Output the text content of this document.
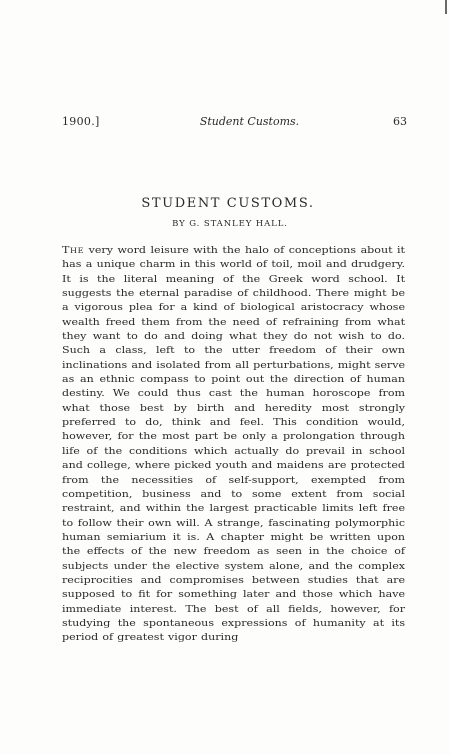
1900.]	Student Customs.	63
STUDENT CUSTOMS.
BY G. STANLEY HALL.

The very word leisure with the halo of conceptions about it has a unique charm in this world of toil, moil and drudgery. It is the literal meaning of the Greek word school. It suggests the eternal paradise of childhood. There might be a vigorous plea for a kind of biological aristocracy whose wealth freed them from the need of refraining from what they want to do and doing what they do not wish to do. Such a class, left to the utter freedom of their own inclinations and isolated from all perturbations, might serve as an ethnic compass to point out the direction of human destiny. We could thus cast the human horoscope from what those best by birth and heredity most strongly preferred to do, think and feel. This condition would, however, for the most part be only a prolongation through life of the conditions which actually do prevail in school and college, where picked youth and maidens are protected from the necessities of self-support, exempted from competition, business and to some extent from social restraint, and within the largest practicable limits left free to follow their own will. A strange, fascinating polymorphic human semiarium it is. A chapter might be written upon the effects of the new freedom as seen in the choice of subjects under the elective system alone, and the complex reciprocities and compromises between studies that are supposed to fit for something later and those which have immediate interest. The best of all fields, however, for studying the spontaneous expressions of humanity at its period of greatest vigor during
